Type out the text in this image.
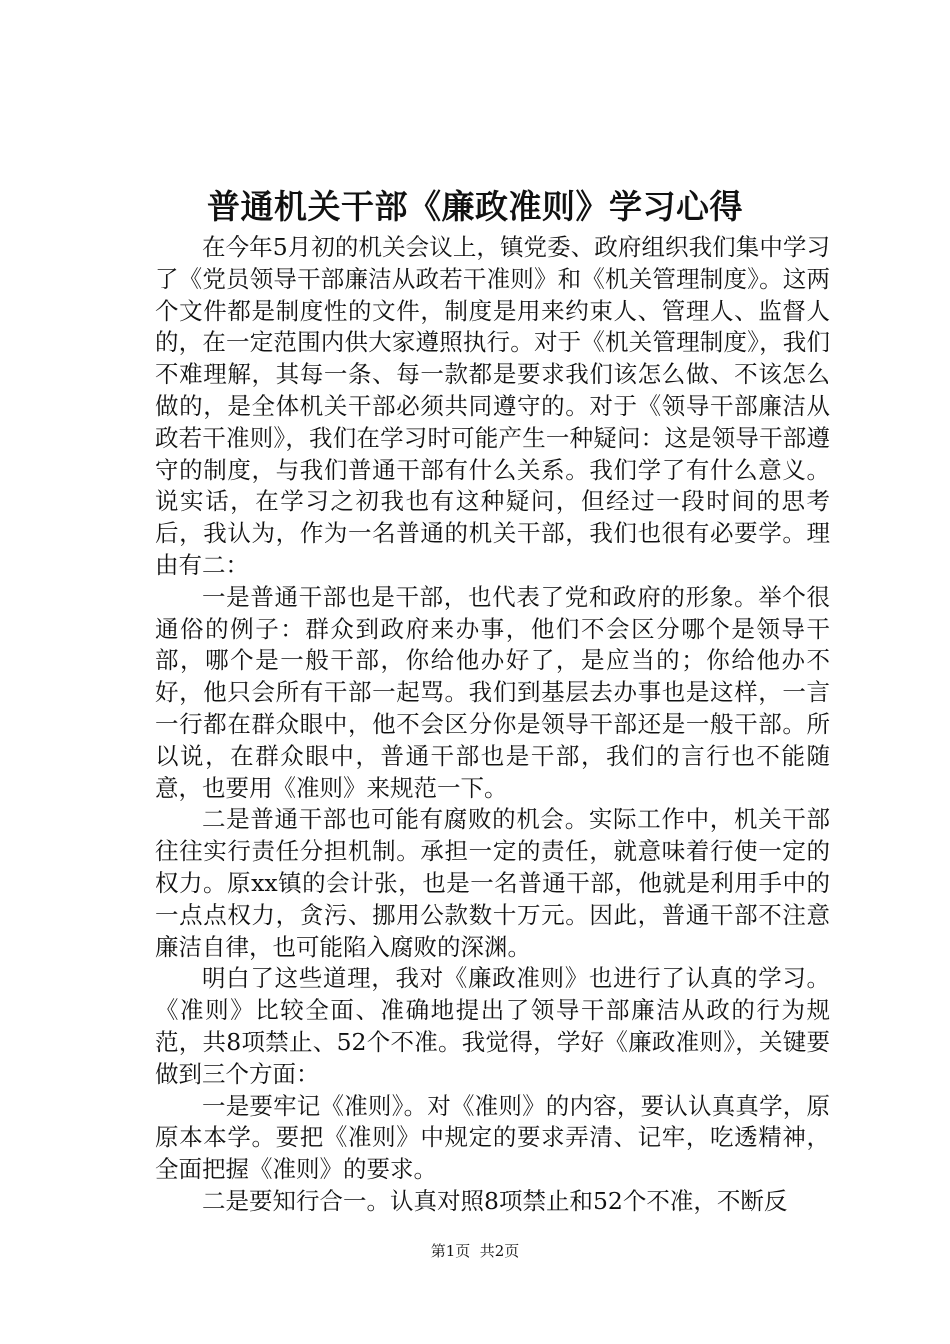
普通机关干部《廉政准则》学习心得

在今年5月初的机关会议上，镇党委、政府组织我们集中学习了《党员领导干部廉洁从政若干准则》和《机关管理制度》。这两个文件都是制度性的文件，制度是用来约束人、管理人、监督人的，在一定范围内供大家遵照执行。对于《机关管理制度》，我们不难理解，其每一条、每一款都是要求我们该怎么做、不该怎么做的，是全体机关干部必须共同遵守的。对于《领导干部廉洁从政若干准则》，我们在学习时可能产生一种疑问：这是领导干部遵守的制度，与我们普通干部有什么关系。我们学了有什么意义。说实话，在学习之初我也有这种疑问，但经过一段时间的思考后，我认为，作为一名普通的机关干部，我们也很有必要学。理由有二：

一是普通干部也是干部，也代表了党和政府的形象。举个很通俗的例子：群众到政府来办事，他们不会区分哪个是领导干部，哪个是一般干部，你给他办好了，是应当的；你给他办不好，他只会所有干部一起骂。我们到基层去办事也是这样，一言一行都在群众眼中，他不会区分你是领导干部还是一般干部。所以说，在群众眼中，普通干部也是干部，我们的言行也不能随意，也要用《准则》来规范一下。

二是普通干部也可能有腐败的机会。实际工作中，机关干部往往实行责任分担机制。承担一定的责任，就意味着行使一定的权力。原xx镇的会计张，也是一名普通干部，他就是利用手中的一点点权力，贪污、挪用公款数十万元。因此，普通干部不注意廉洁自律，也可能陷入腐败的深渊。

明白了这些道理，我对《廉政准则》也进行了认真的学习。《准则》比较全面、准确地提出了领导干部廉洁从政的行为规范，共8项禁止、52个不准。我觉得，学好《廉政准则》，关键要做到三个方面：

一是要牢记《准则》。对《准则》的内容，要认认真真学，原原本本学。要把《准则》中规定的要求弄清、记牢，吃透精神，全面把握《准则》的要求。

二是要知行合一。认真对照8项禁止和52个不准，不断反

第1页  共2页
